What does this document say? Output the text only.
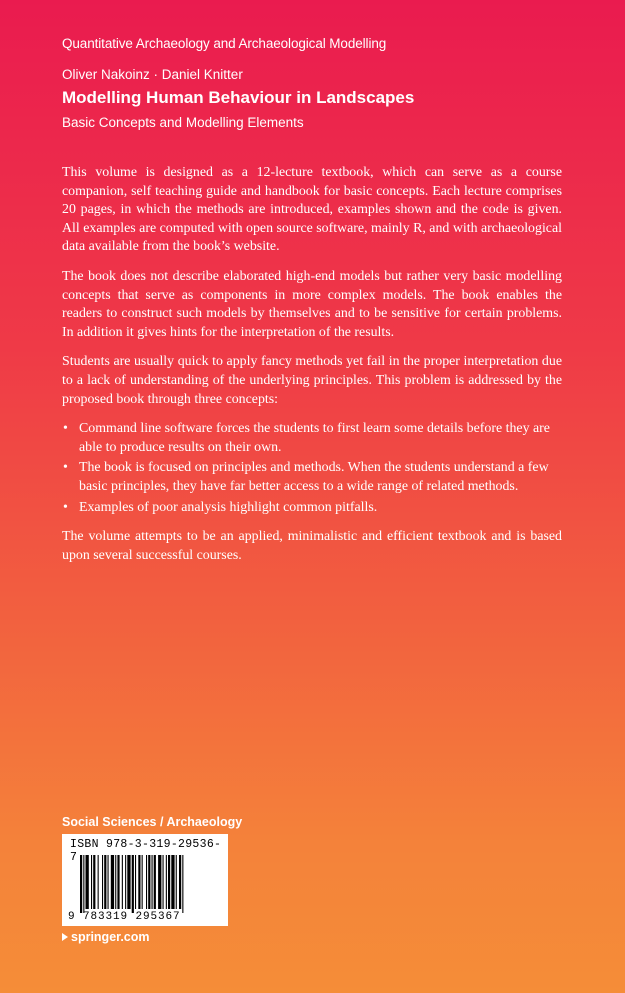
Quantitative Archaeology and Archaeological Modelling
Oliver Nakoinz · Daniel Knitter
Modelling Human Behaviour in Landscapes
Basic Concepts and Modelling Elements

This volume is designed as a 12-lecture textbook, which can serve as a course companion, self teaching guide and handbook for basic concepts. Each lecture comprises 20 pages, in which the methods are introduced, examples shown and the code is given. All examples are computed with open source software, mainly R, and with archaeological data available from the book’s website.

The book does not describe elaborated high-end models but rather very basic modelling concepts that serve as components in more complex models. The book enables the readers to construct such models by themselves and to be sensitive for certain problems. In addition it gives hints for the interpretation of the results.

Students are usually quick to apply fancy methods yet fail in the proper interpretation due to a lack of understanding of the underlying principles. This problem is addressed by the proposed book through three concepts:

• Command line software forces the students to first learn some details before they are able to produce results on their own.
• The book is focused on principles and methods. When the students understand a few basic principles, they have far better access to a wide range of related methods.
• Examples of poor analysis highlight common pitfalls.

The volume attempts to be an applied, minimalistic and efficient textbook and is based upon several successful courses.

Social Sciences / Archaeology
ISBN 978-3-319-29536-7
9 783319 295367
springer.com
